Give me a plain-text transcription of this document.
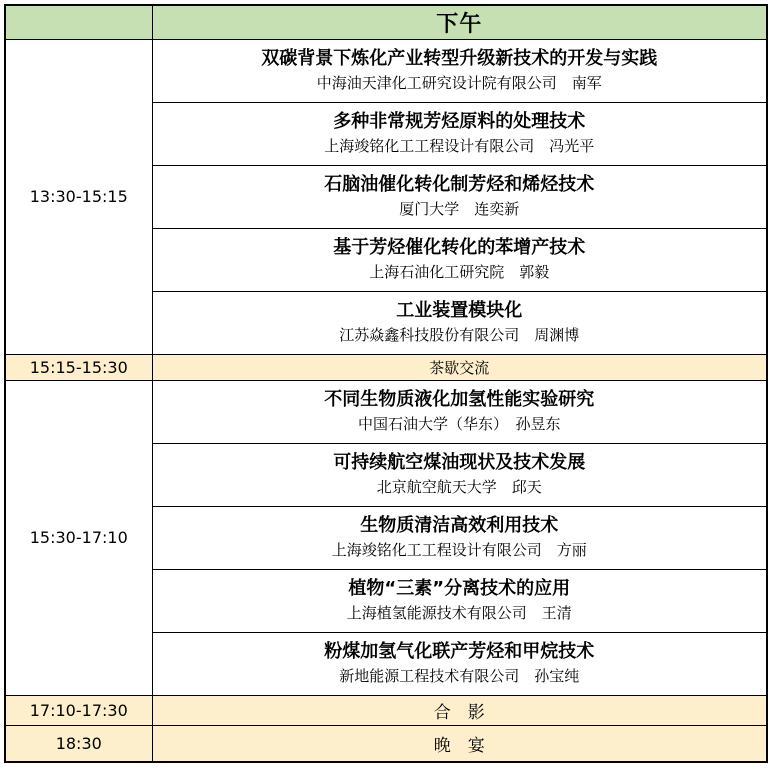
	下午
13:30-15:15	双碳背景下炼化产业转型升级新技术的开发与实践
中海油天津化工研究设计院有限公司　南军

	多种非常规芳烃原料的处理技术
上海竣铭化工工程设计有限公司　冯光平

	石脑油催化转化制芳烃和烯烃技术
厦门大学　连奕新

	基于芳烃催化转化的苯增产技术
上海石油化工研究院　郭毅

	工业装置模块化
江苏焱鑫科技股份有限公司　周渊博

15:15-15:30	茶歇交流
15:30-17:10	不同生物质液化加氢性能实验研究
中国石油大学（华东）　孙昱东

	可持续航空煤油现状及技术发展
北京航空航天大学　邱天

	生物质清洁高效利用技术
上海竣铭化工工程设计有限公司　方丽

	植物“三素”分离技术的应用
上海植氢能源技术有限公司　王清

	粉煤加氢气化联产芳烃和甲烷技术
新地能源工程技术有限公司　孙宝纯

17:10-17:30	合　影
18:30	晚　宴
